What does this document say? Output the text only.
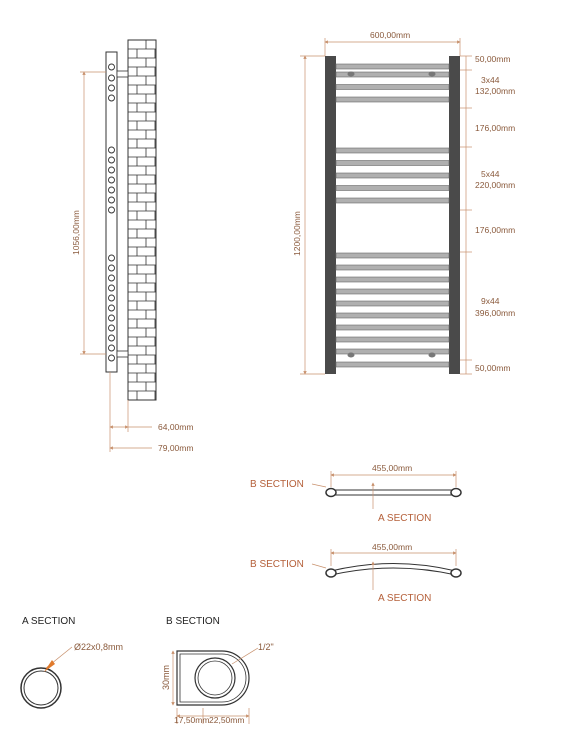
1056,00mm
64,00mm
79,00mm
600,00mm
1200,00mm
50,00mm
3x44
132,00mm
176,00mm
5x44
220,00mm
176,00mm
9x44
396,00mm
50,00mm
455,00mm
B SECTION
A SECTION
455,00mm
B SECTION
A SECTION
A SECTION
Ø22x0,8mm
B SECTION
1/2"
30mm
17,50mm 22,50mm
